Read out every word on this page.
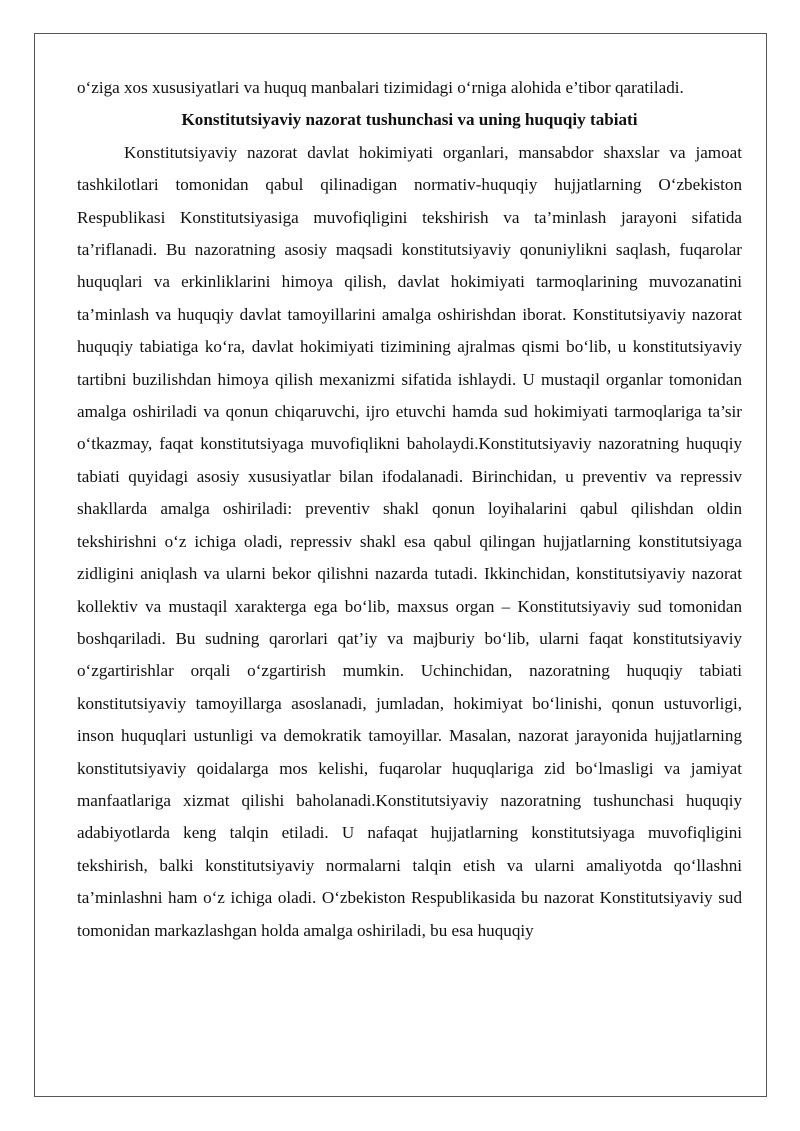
o‘ziga xos xususiyatlari va huquq manbalari tizimidagi o‘rniga alohida e’tibor qaratiladi.

Konstitutsiyaviy nazorat tushunchasi va uning huquqiy tabiati

Konstitutsiyaviy nazorat davlat hokimiyati organlari, mansabdor shaxslar va jamoat tashkilotlari tomonidan qabul qilinadigan normativ-huquqiy hujjatlarning O‘zbekiston Respublikasi Konstitutsiyasiga muvofiqligini tekshirish va ta’minlash jarayoni sifatida ta’riflanadi. Bu nazoratning asosiy maqsadi konstitutsiyaviy qonuniylikni saqlash, fuqarolar huquqlari va erkinliklarini himoya qilish, davlat hokimiyati tarmoqlarining muvozanatini ta’minlash va huquqiy davlat tamoyillarini amalga oshirishdan iborat. Konstitutsiyaviy nazorat huquqiy tabiatiga ko‘ra, davlat hokimiyati tizimining ajralmas qismi bo‘lib, u konstitutsiyaviy tartibni buzilishdan himoya qilish mexanizmi sifatida ishlaydi. U mustaqil organlar tomonidan amalga oshiriladi va qonun chiqaruvchi, ijro etuvchi hamda sud hokimiyati tarmoqlariga ta’sir o‘tkazmay, faqat konstitutsiyaga muvofiqlikni baholaydi.Konstitutsiyaviy nazoratning huquqiy tabiati quyidagi asosiy xususiyatlar bilan ifodalanadi. Birinchidan, u preventiv va repressiv shakllarda amalga oshiriladi: preventiv shakl qonun loyihalarini qabul qilishdan oldin tekshirishni o‘z ichiga oladi, repressiv shakl esa qabul qilingan hujjatlarning konstitutsiyaga zidligini aniqlash va ularni bekor qilishni nazarda tutadi. Ikkinchidan, konstitutsiyaviy nazorat kollektiv va mustaqil xarakterga ega bo‘lib, maxsus organ – Konstitutsiyaviy sud tomonidan boshqariladi. Bu sudning qarorlari qat’iy va majburiy bo‘lib, ularni faqat konstitutsiyaviy o‘zgartirishlar orqali o‘zgartirish mumkin. Uchinchidan, nazoratning huquqiy tabiati konstitutsiyaviy tamoyillarga asoslanadi, jumladan, hokimiyat bo‘linishi, qonun ustuvorligi, inson huquqlari ustunligi va demokratik tamoyillar. Masalan, nazorat jarayonida hujjatlarning konstitutsiyaviy qoidalarga mos kelishi, fuqarolar huquqlariga zid bo‘lmasligi va jamiyat manfaatlariga xizmat qilishi baholanadi.Konstitutsiyaviy nazoratning tushunchasi huquqiy adabiyotlarda keng talqin etiladi. U nafaqat hujjatlarning konstitutsiyaga muvofiqligini tekshirish, balki konstitutsiyaviy normalarni talqin etish va ularni amaliyotda qo‘llashni ta’minlashni ham o‘z ichiga oladi. O‘zbekiston Respublikasida bu nazorat Konstitutsiyaviy sud tomonidan markazlashgan holda amalga oshiriladi, bu esa huquqiy
